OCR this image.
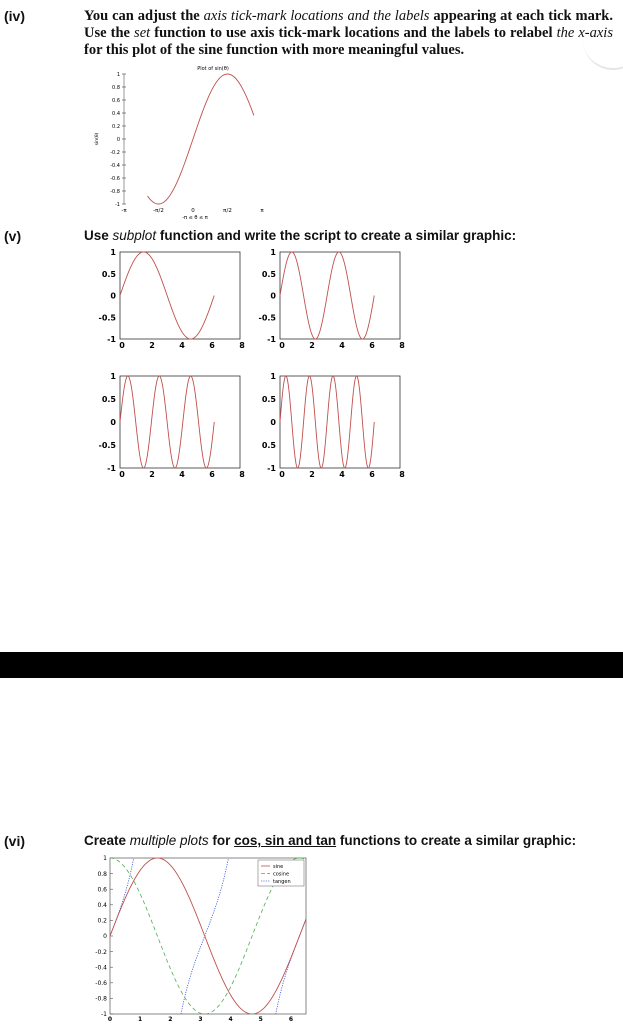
(iv)	You can adjust the axis tick-mark locations and the labels appearing at each tick mark. Use the set function to use axis tick-mark locations and the labels to relabel the x-axis for this plot of the sine function with more meaningful values.
Plot of sin(θ)
1
0.8
0.6
0.4
0.2
0
-0.2
-0.4
-0.6
-0.8
-1
sin(θ)
-π	-π/2	0	π/2	π
-π ≤ θ ≤ π
(v)	Use subplot function and write the script to create a similar graphic:
1
0.5
0
-0.5
-1
0	2	4	6	8
1
0.5
0
-0.5
-1
0	2	4	6	8
1
0.5
0
-0.5
-1
0	2	4	6	8
1
0.5
0
0.5
-1
0	2	4	6	8
(vi)	Create multiple plots for cos, sin and tan functions to create a similar graphic:
1
0.8
0.6
0.4
0.2
0
-0.2
-0.4
-0.6
-0.8
-1
0	1	2	3	4	5	6
sine
cosine
tangen
